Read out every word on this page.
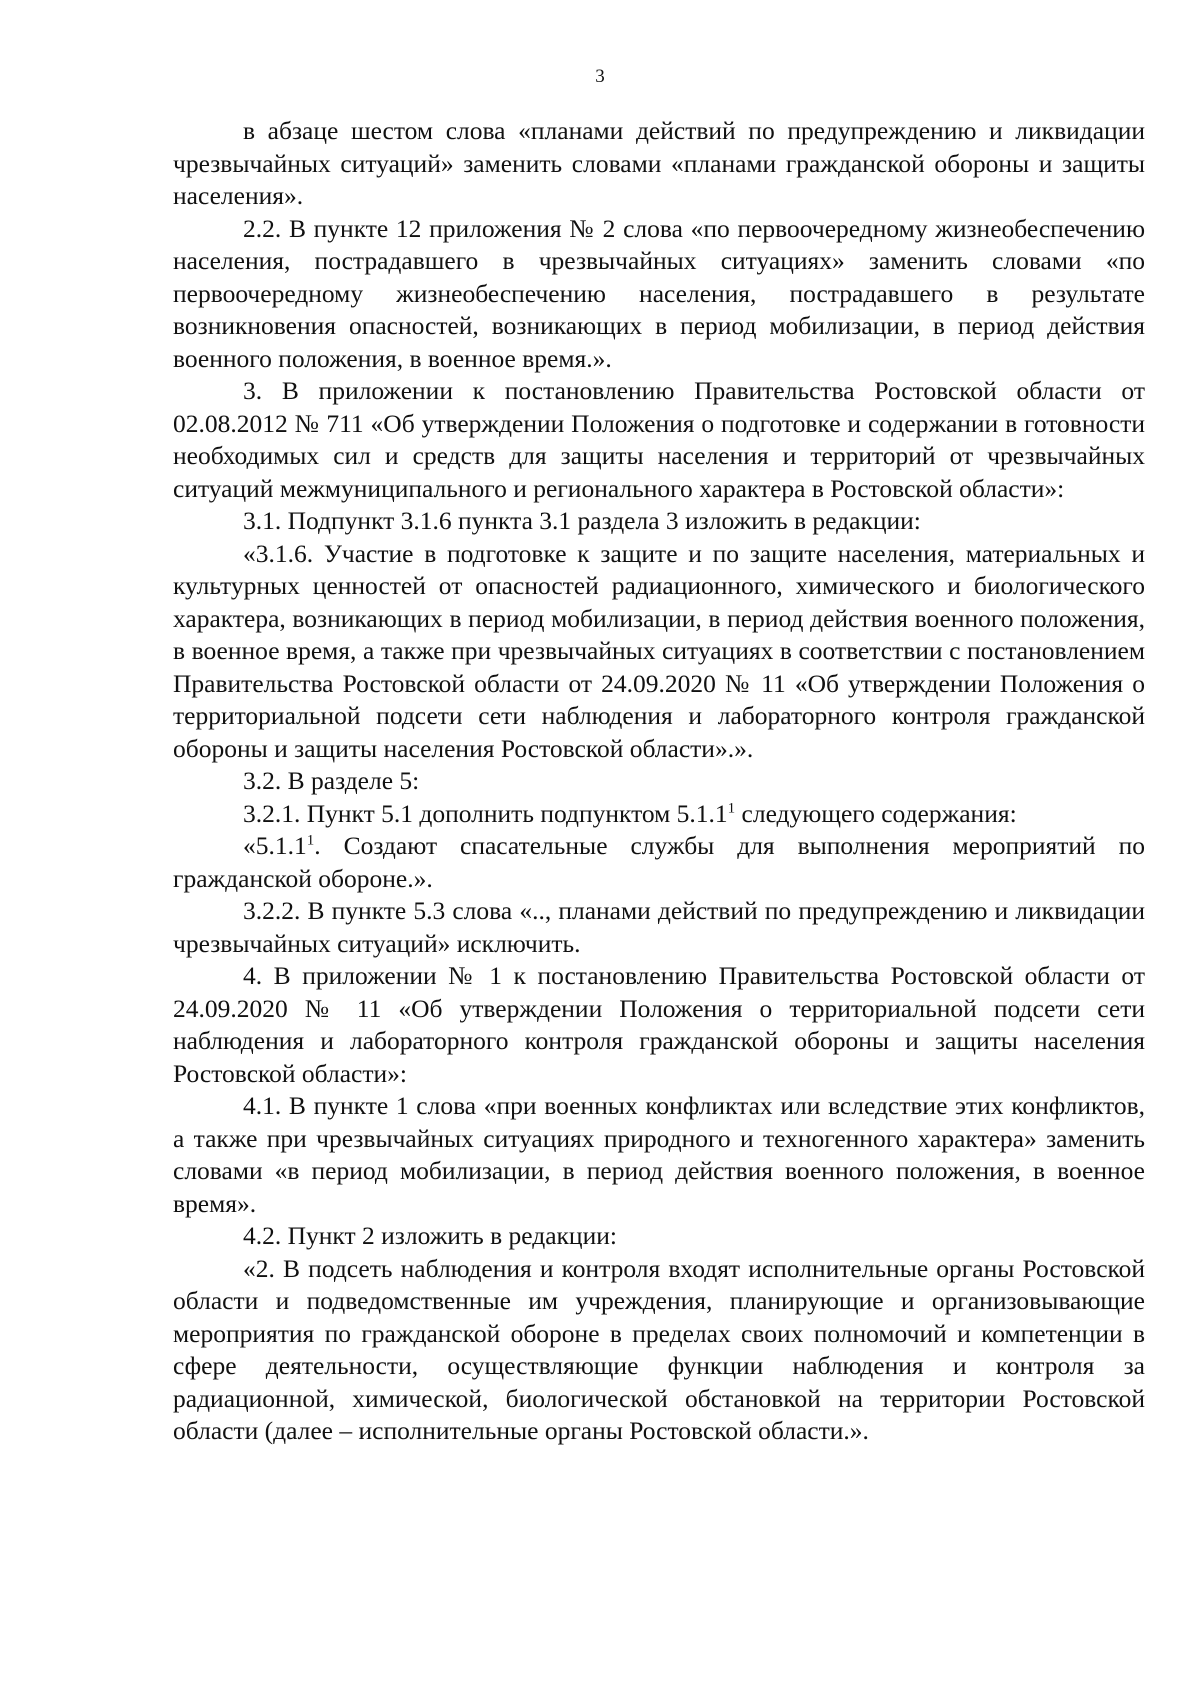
3

в абзаце шестом слова «планами действий по предупреждению и ликвидации чрезвычайных ситуаций» заменить словами «планами гражданской обороны и защиты населения».

2.2. В пункте 12 приложения № 2 слова «по первоочередному жизнеобеспечению населения, пострадавшего в чрезвычайных ситуациях» заменить словами «по первоочередному жизнеобеспечению населения, пострадавшего в результате возникновения опасностей, возникающих в период мобилизации, в период действия военного положения, в военное время.».

3. В приложении к постановлению Правительства Ростовской области от 02.08.2012 № 711 «Об утверждении Положения о подготовке и содержании в готовности необходимых сил и средств для защиты населения и территорий от чрезвычайных ситуаций межмуниципального и регионального характера в Ростовской области»:

3.1. Подпункт 3.1.6 пункта 3.1 раздела 3 изложить в редакции:

«3.1.6. Участие в подготовке к защите и по защите населения, материальных и культурных ценностей от опасностей радиационного, химического и биологического характера, возникающих в период мобилизации, в период действия военного положения, в военное время, а также при чрезвычайных ситуациях в соответствии с постановлением Правительства Ростовской области от 24.09.2020 № 11 «Об утверждении Положения о территориальной подсети сети наблюдения и лабораторного контроля гражданской обороны и защиты населения Ростовской области».».

3.2. В разделе 5:

3.2.1. Пункт 5.1 дополнить подпунктом 5.1.1$^1$ следующего содержания:

«5.1.1$^1$. Создают спасательные службы для выполнения мероприятий по гражданской обороне.».

3.2.2. В пункте 5.3 слова «.., планами действий по предупреждению и ликвидации чрезвычайных ситуаций» исключить.

4. В приложении № 1 к постановлению Правительства Ростовской области от 24.09.2020 № 11 «Об утверждении Положения о территориальной подсети сети наблюдения и лабораторного контроля гражданской обороны и защиты населения Ростовской области»:

4.1. В пункте 1 слова «при военных конфликтах или вследствие этих конфликтов, а также при чрезвычайных ситуациях природного и техногенного характера» заменить словами «в период мобилизации, в период действия военного положения, в военное время».

4.2. Пункт 2 изложить в редакции:

«2. В подсеть наблюдения и контроля входят исполнительные органы Ростовской области и подведомственные им учреждения, планирующие и организовывающие мероприятия по гражданской обороне в пределах своих полномочий и компетенции в сфере деятельности, осуществляющие функции наблюдения и контроля за радиационной, химической, биологической обстановкой на территории Ростовской области (далее – исполнительные органы Ростовской области.».
